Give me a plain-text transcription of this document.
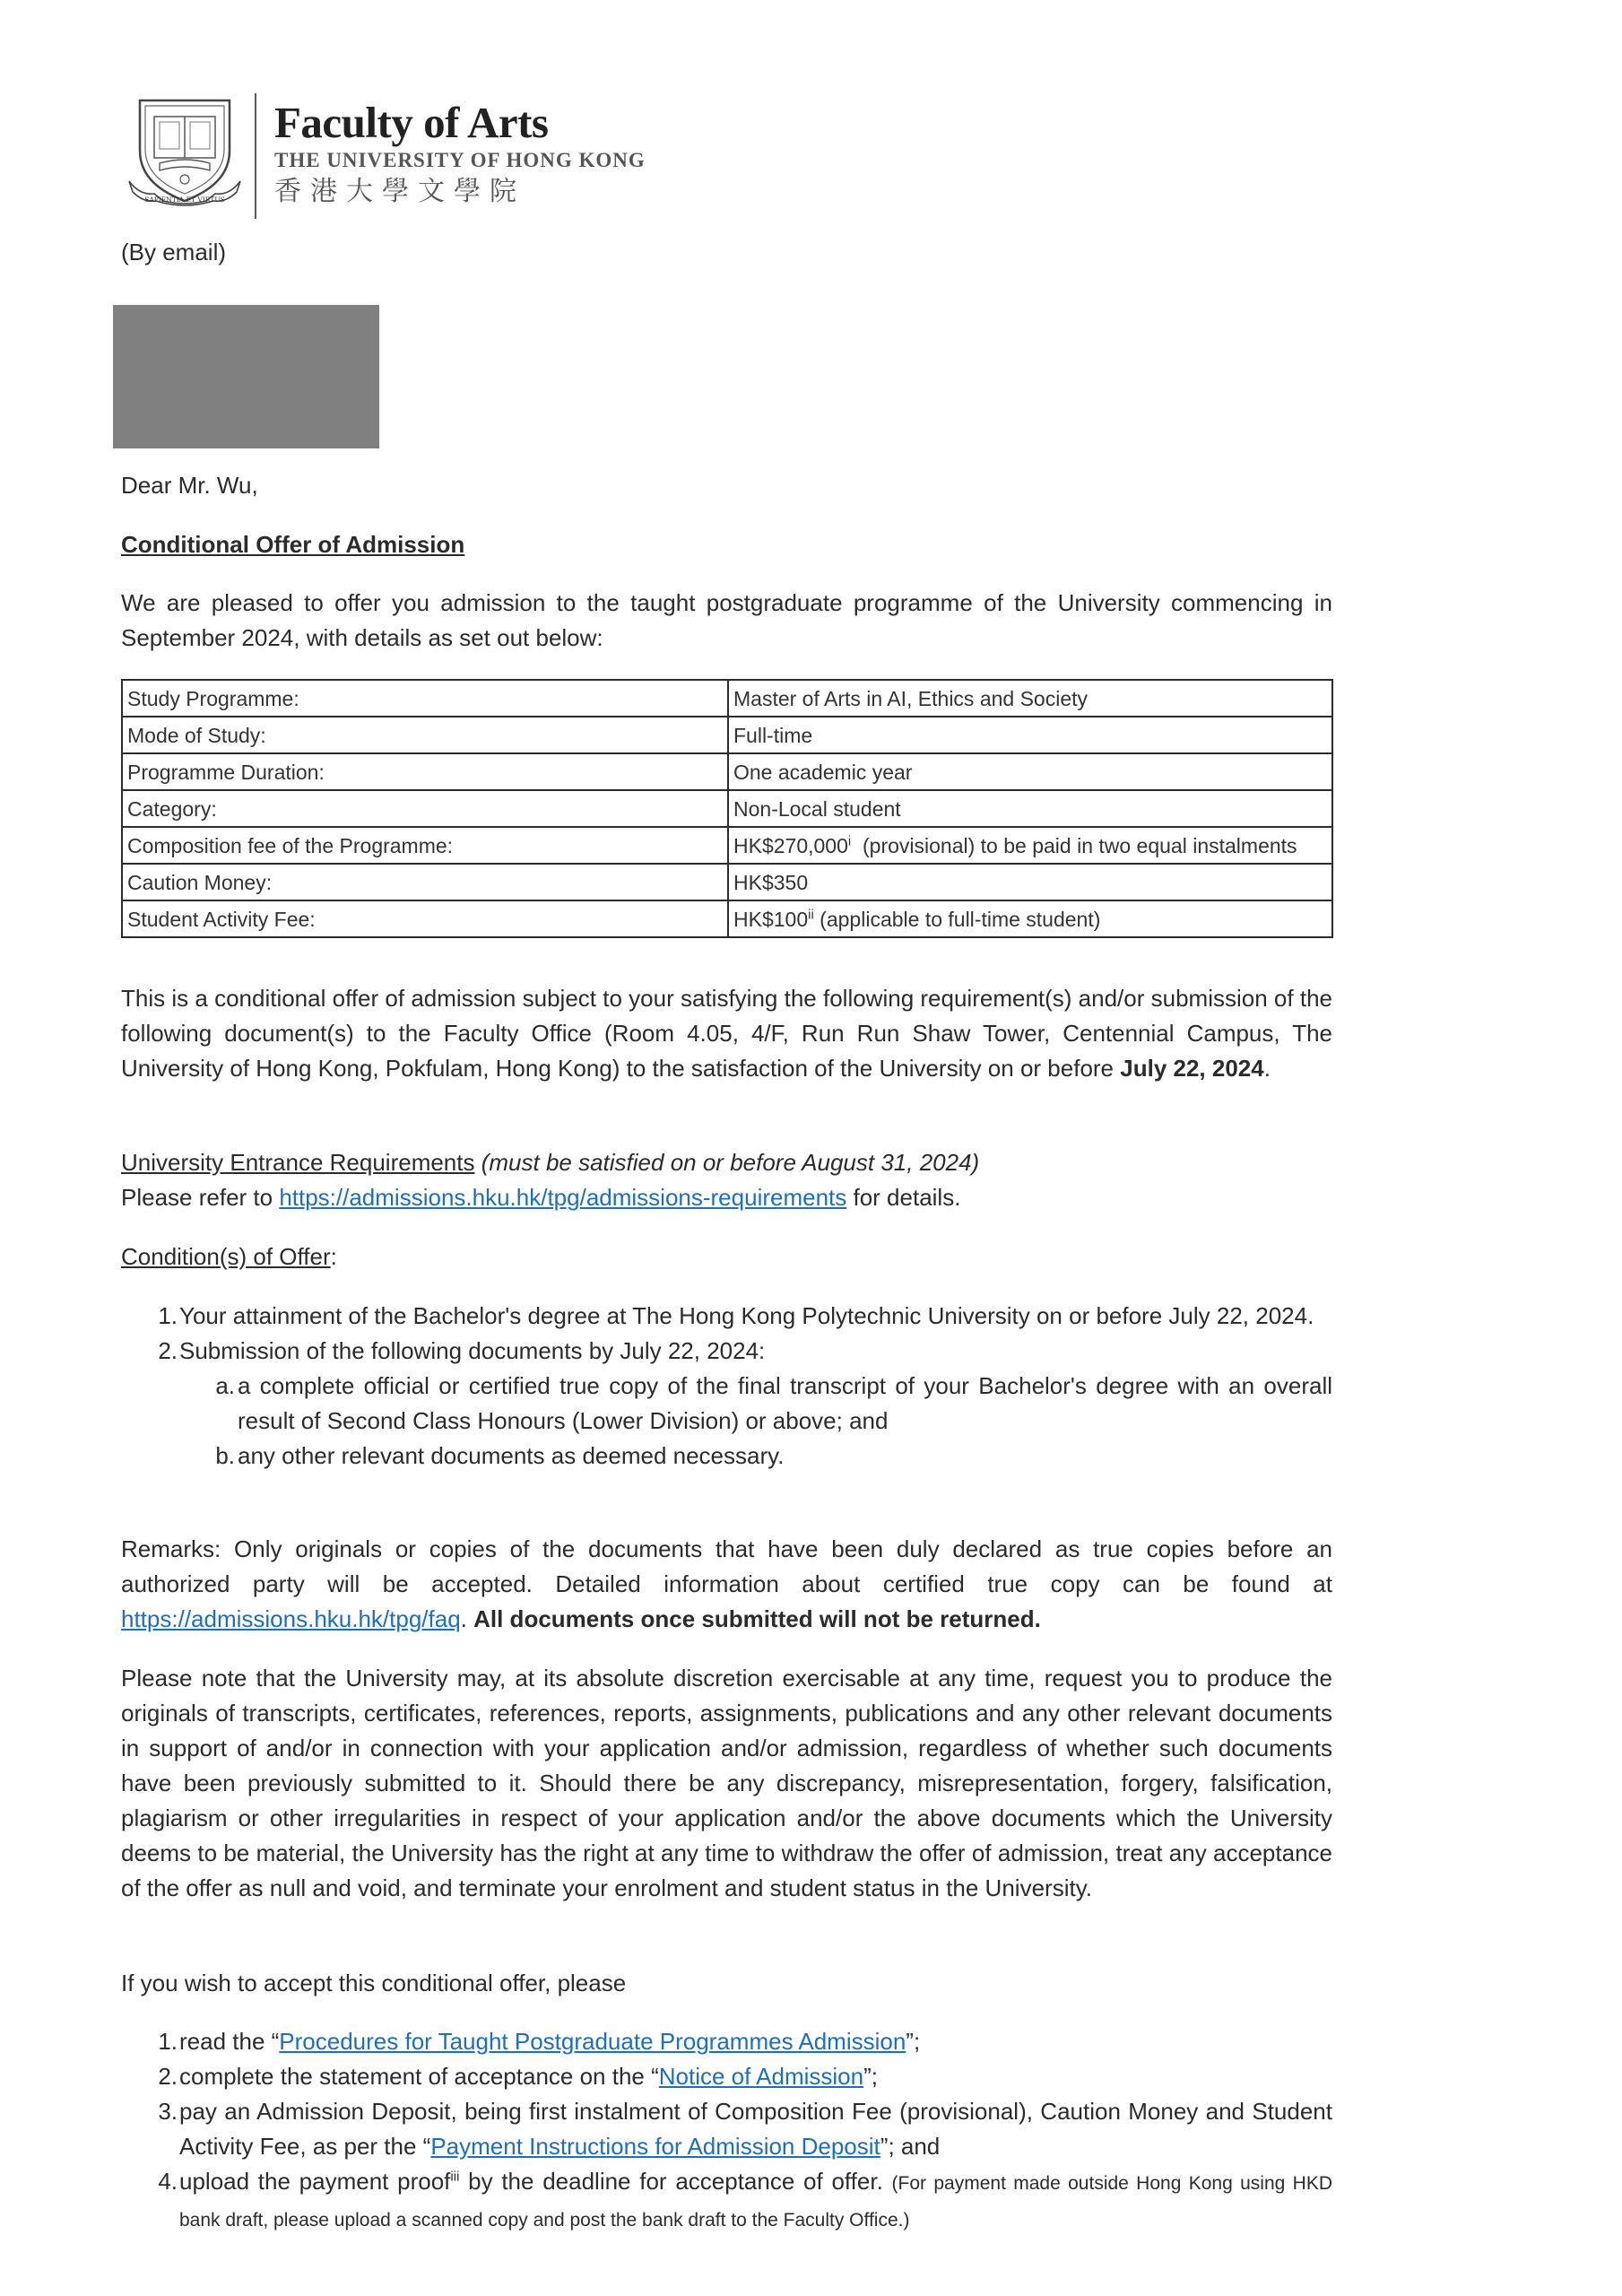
SAPIENTIA ET VIRTUS
Faculty of Arts
THE UNIVERSITY OF HONG KONG
香港大學文學院
(By email)
Dear Mr. Wu,
Conditional Offer of Admission
We are pleased to offer you admission to the taught postgraduate programme of the University commencing in September 2024, with details as set out below:
Study Programme:	Master of Arts in AI, Ethics and Society
Mode of Study:	Full-time
Programme Duration:	One academic year
Category:	Non-Local student
Composition fee of the Programme:	HK$270,000$^i$  (provisional) to be paid in two equal instalments
Caution Money:	HK$350
Student Activity Fee:	HK$100$^{ii}$ (applicable to full-time student)
This is a conditional offer of admission subject to your satisfying the following requirement(s) and/or submission of the following document(s) to the Faculty Office (Room 4.05, 4/F, Run Run Shaw Tower, Centennial Campus, The University of Hong Kong, Pokfulam, Hong Kong) to the satisfaction of the University on or before July 22, 2024.
University Entrance Requirements (must be satisfied on or before August 31, 2024)
Please refer to https://admissions.hku.hk/tpg/admissions-requirements for details.
Condition(s) of Offer:
1. Your attainment of the Bachelor's degree at The Hong Kong Polytechnic University on or before July 22, 2024.
2. Submission of the following documents by July 22, 2024:
a. a complete official or certified true copy of the final transcript of your Bachelor's degree with an overall result of Second Class Honours (Lower Division) or above; and
b. any other relevant documents as deemed necessary.
Remarks: Only originals or copies of the documents that have been duly declared as true copies before an authorized party will be accepted. Detailed information about certified true copy can be found at https://admissions.hku.hk/tpg/faq. All documents once submitted will not be returned.
Please note that the University may, at its absolute discretion exercisable at any time, request you to produce the originals of transcripts, certificates, references, reports, assignments, publications and any other relevant documents in support of and/or in connection with your application and/or admission, regardless of whether such documents have been previously submitted to it. Should there be any discrepancy, misrepresentation, forgery, falsification, plagiarism or other irregularities in respect of your application and/or the above documents which the University deems to be material, the University has the right at any time to withdraw the offer of admission, treat any acceptance of the offer as null and void, and terminate your enrolment and student status in the University.
If you wish to accept this conditional offer, please
1. read the “Procedures for Taught Postgraduate Programmes Admission”;
2. complete the statement of acceptance on the “Notice of Admission”;
3. pay an Admission Deposit, being first instalment of Composition Fee (provisional), Caution Money and Student Activity Fee, as per the “Payment Instructions for Admission Deposit”; and
4. upload the payment proof$^{iii}$ by the deadline for acceptance of offer. (For payment made outside Hong Kong using HKD bank draft, please upload a scanned copy and post the bank draft to the Faculty Office.)
